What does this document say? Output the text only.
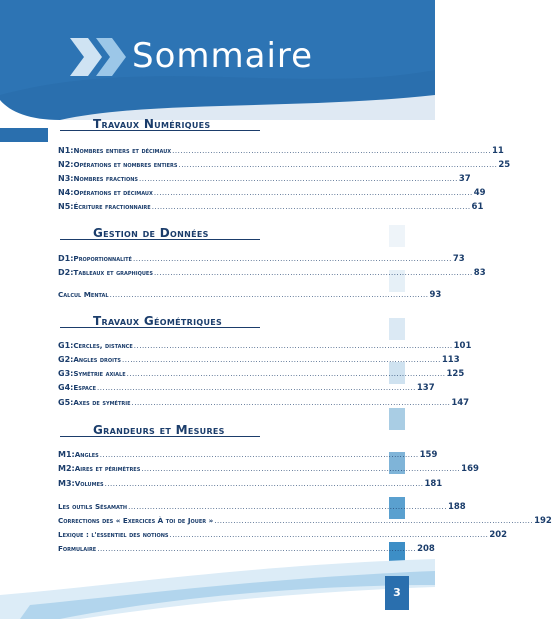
Sommaire
Travaux Numériques
N1 : Nombres entiers et décimaux ..................................................................................................................... 11
N2 : Opérations et nombres entiers ..................................................................................................................... 25
N3 : Nombres fractions ..................................................................................................................... 37
N4 : Opérations et décimaux ..................................................................................................................... 49
N5 : Écriture fractionnaire ..................................................................................................................... 61
Gestion de Données
D1 : Proportionnalité ..................................................................................................................... 73
D2 : Tableaux et graphiques ..................................................................................................................... 83
Calcul Mental ..................................................................................................................... 93
Travaux Géométriques
G1 : Cercles, distance ..................................................................................................................... 101
G2 : Angles droits ..................................................................................................................... 113
G3 : Symétrie axiale ..................................................................................................................... 125
G4 : Espace ..................................................................................................................... 137
G5 : Axes de symétrie ..................................................................................................................... 147
Grandeurs et Mesures
M1 : Angles ..................................................................................................................... 159
M2 : Aires et périmètres ..................................................................................................................... 169
M3 : Volumes ..................................................................................................................... 181
Les outils Sésamath ..................................................................................................................... 188
Corrections des « Exercices À toi de Jouer » ..................................................................................................................... 192
Lexique : l'essentiel des notions ..................................................................................................................... 202
Formulaire ..................................................................................................................... 208
3
